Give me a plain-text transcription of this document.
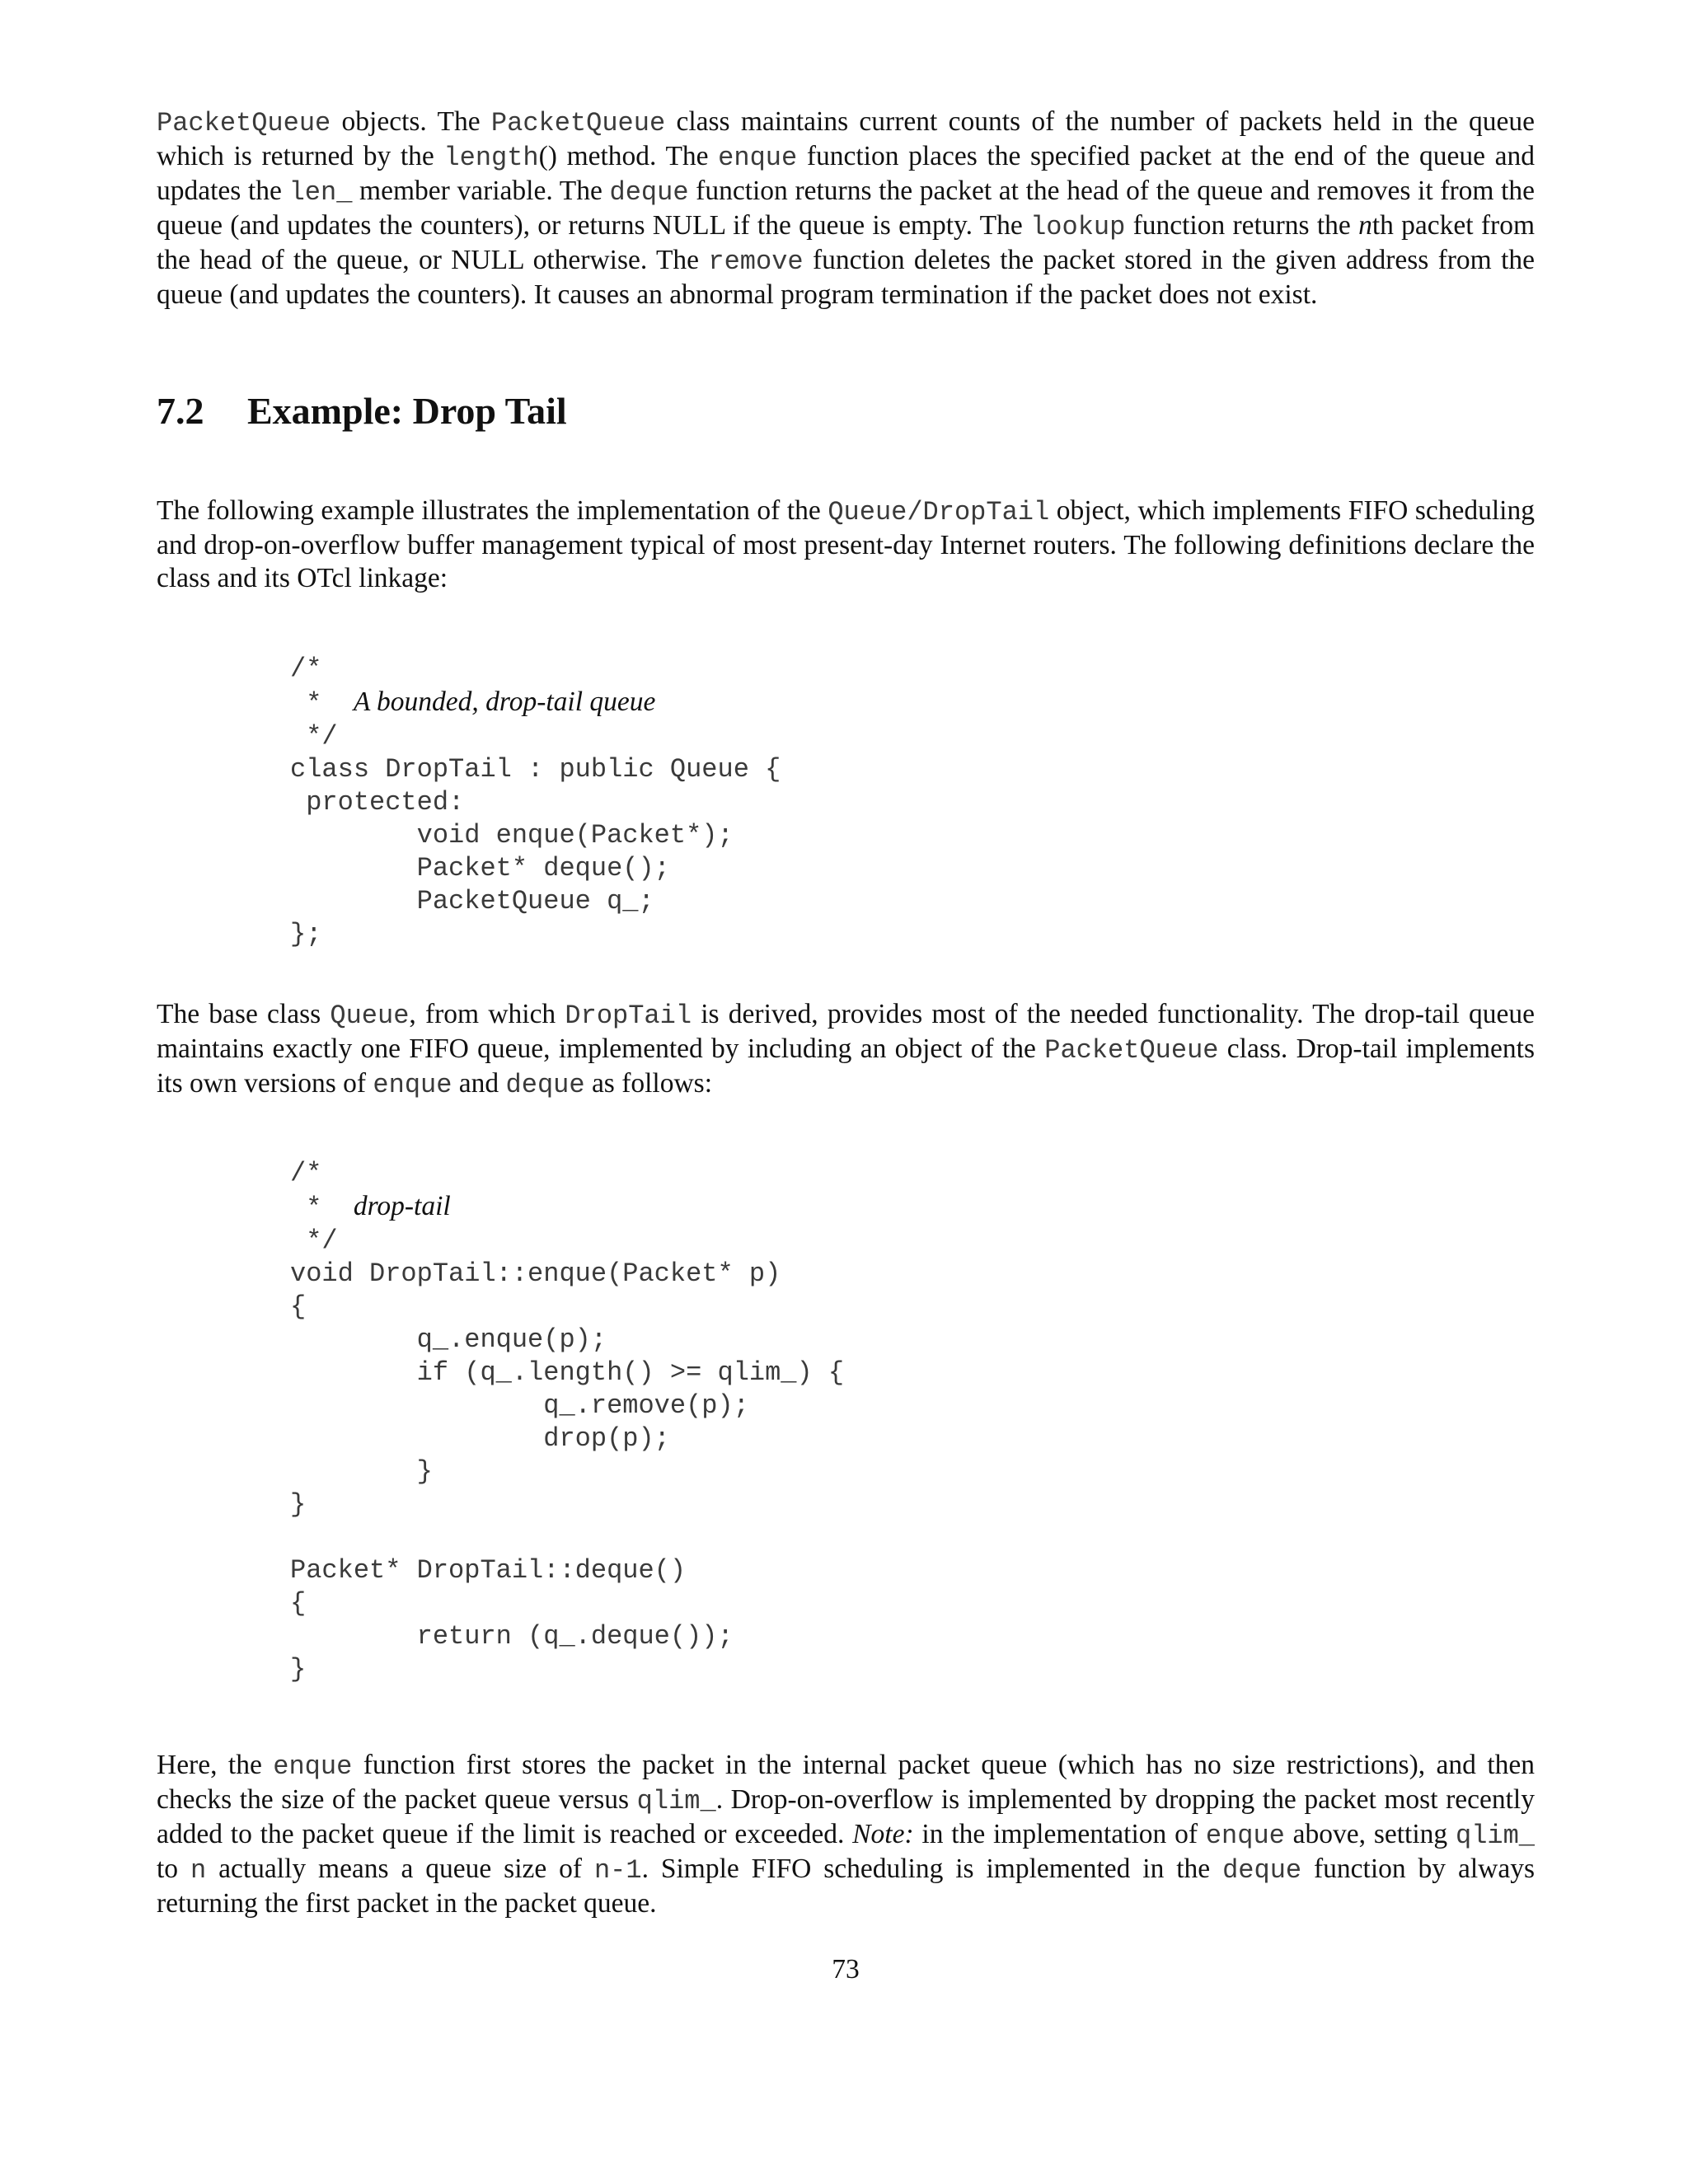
PacketQueue objects. The PacketQueue class maintains current counts of the number of packets held in the queue which is returned by the length() method. The enque function places the specified packet at the end of the queue and updates the len_ member variable. The deque function returns the packet at the head of the queue and removes it from the queue (and updates the counters), or returns NULL if the queue is empty. The lookup function returns the nth packet from the head of the queue, or NULL otherwise. The remove function deletes the packet stored in the given address from the queue (and updates the counters). It causes an abnormal program termination if the packet does not exist.

7.2 Example: Drop Tail

The following example illustrates the implementation of the Queue/DropTail object, which implements FIFO scheduling and drop-on-overflow buffer management typical of most present-day Internet routers. The following definitions declare the class and its OTcl linkage:

/*
*  A bounded, drop-tail queue
*/
class DropTail : public Queue {
protected:
void enque(Packet*);
Packet* deque();
PacketQueue q_;
};

The base class Queue, from which DropTail is derived, provides most of the needed functionality. The drop-tail queue maintains exactly one FIFO queue, implemented by including an object of the PacketQueue class. Drop-tail implements its own versions of enque and deque as follows:

/*
*  drop-tail
*/
void DropTail::enque(Packet* p)
{
q_.enque(p);
if (q_.length() >= qlim_) {
q_.remove(p);
drop(p);
}
}
Packet* DropTail::deque()
{
return (q_.deque());
}

Here, the enque function first stores the packet in the internal packet queue (which has no size restrictions), and then checks the size of the packet queue versus qlim_. Drop-on-overflow is implemented by dropping the packet most recently added to the packet queue if the limit is reached or exceeded. Note: in the implementation of enque above, setting qlim_ to n actually means a queue size of n-1. Simple FIFO scheduling is implemented in the deque function by always returning the first packet in the packet queue.

73
